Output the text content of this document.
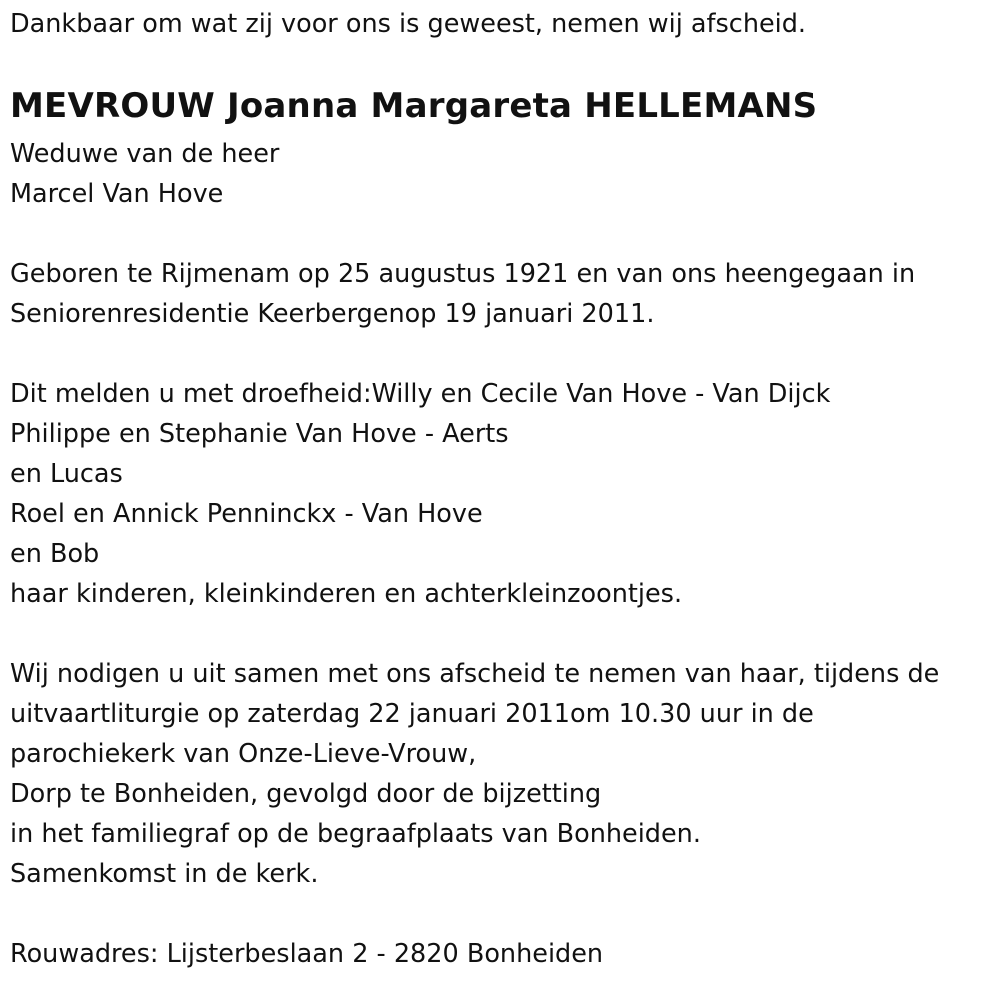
Dankbaar om wat zij voor ons is geweest, nemen wij afscheid.
MEVROUW Joanna Margareta HELLEMANS
Weduwe van de heer
Marcel Van Hove
Geboren te Rijmenam op 25 augustus 1921 en van ons heengegaan in
Seniorenresidentie Keerbergenop 19 januari 2011.
Dit melden u met droefheid:Willy en Cecile Van Hove - Van Dijck
Philippe en Stephanie Van Hove - Aerts
en Lucas
Roel en Annick Penninckx - Van Hove
en Bob
haar kinderen, kleinkinderen en achterkleinzoontjes.
Wij nodigen u uit samen met ons afscheid te nemen van haar, tijdens de
uitvaartliturgie op zaterdag 22 januari 2011om 10.30 uur in de
parochiekerk van Onze-Lieve-Vrouw,
Dorp te Bonheiden, gevolgd door de bijzetting
in het familiegraf op de begraafplaats van Bonheiden.
Samenkomst in de kerk.
Rouwadres: Lijsterbeslaan 2 - 2820 Bonheiden
